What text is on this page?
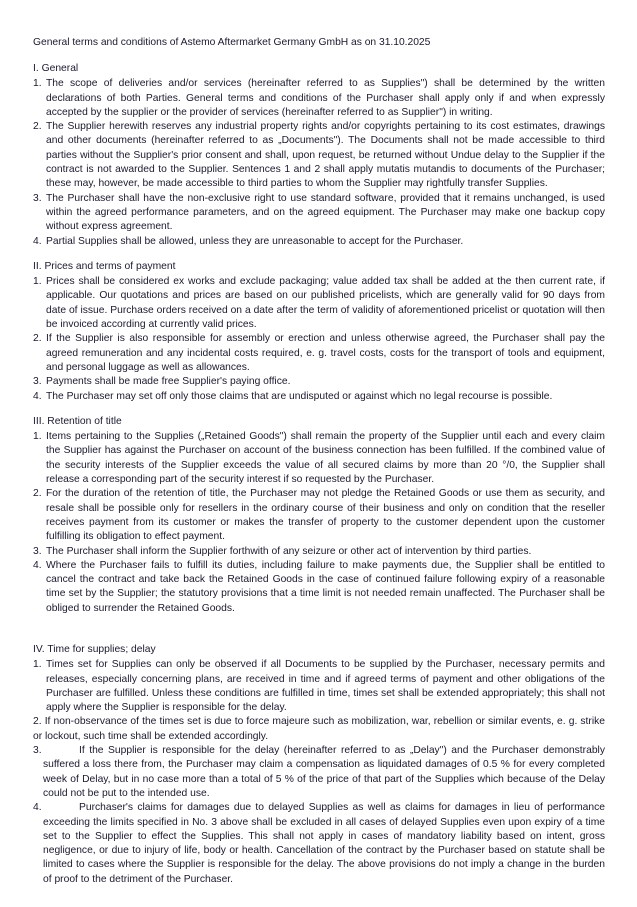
General terms and conditions of Astemo Aftermarket Germany GmbH as on 31.10.2025
I. General
1. The scope of deliveries and/or services (hereinafter referred to as Supplies") shall be determined by the written declarations of both Parties. General terms and conditions of the Purchaser shall apply only if and when expressly accepted by the supplier or the provider of services (hereinafter referred to as Supplier") in writing.
2. The Supplier herewith reserves any industrial property rights and/or copyrights pertaining to its cost estimates, drawings and other documents (hereinafter referred to as „Documents"). The Documents shall not be made accessible to third parties without the Supplier's prior consent and shall, upon request, be returned without Undue delay to the Supplier if the contract is not awarded to the Supplier. Sentences 1 and 2 shall apply mutatis mutandis to documents of the Purchaser; these may, however, be made accessible to third parties to whom the Supplier may rightfully transfer Supplies.
3. The Purchaser shall have the non-exclusive right to use standard software, provided that it remains unchanged, is used within the agreed performance parameters, and on the agreed equipment. The Purchaser may make one backup copy without express agreement.
4. Partial Supplies shall be allowed, unless they are unreasonable to accept for the Purchaser.
II. Prices and terms of payment
1. Prices shall be considered ex works and exclude packaging; value added tax shall be added at the then current rate, if applicable. Our quotations and prices are based on our published pricelists, which are generally valid for 90 days from date of issue. Purchase orders received on a date after the term of validity of aforementioned pricelist or quotation will then be invoiced according at currently valid prices.
2. If the Supplier is also responsible for assembly or erection and unless otherwise agreed, the Purchaser shall pay the agreed remuneration and any incidental costs required, e. g. travel costs, costs for the transport of tools and equipment, and personal luggage as well as allowances.
3. Payments shall be made free Supplier's paying office.
4. The Purchaser may set off only those claims that are undisputed or against which no legal recourse is possible.
III. Retention of title
1. Items pertaining to the Supplies („Retained Goods") shall remain the property of the Supplier until each and every claim the Supplier has against the Purchaser on account of the business connection has been fulfilled. If the combined value of the security interests of the Supplier exceeds the value of all secured claims by more than 20 °/0, the Supplier shall release a corresponding part of the security interest if so requested by the Purchaser.
2. For the duration of the retention of title, the Purchaser may not pledge the Retained Goods or use them as security, and resale shall be possible only for resellers in the ordinary course of their business and only on condition that the reseller receives payment from its customer or makes the transfer of property to the customer dependent upon the customer fulfilling its obligation to effect payment.
3. The Purchaser shall inform the Supplier forthwith of any seizure or other act of intervention by third parties.
4. Where the Purchaser fails to fulfill its duties, including failure to make payments due, the Supplier shall be entitled to cancel the contract and take back the Retained Goods in the case of continued failure following expiry of a reasonable time set by the Supplier; the statutory provisions that a time limit is not needed remain unaffected. The Purchaser shall be obliged to surrender the Retained Goods.
IV. Time for supplies; delay
1. Times set for Supplies can only be observed if all Documents to be supplied by the Purchaser, necessary permits and releases, especially concerning plans, are received in time and if agreed terms of payment and other obligations of the Purchaser are fulfilled. Unless these conditions are fulfilled in time, times set shall be extended appropriately; this shall not apply where the Supplier is responsible for the delay.
2. If non-observance of the times set is due to force majeure such as mobilization, war, rebellion or similar events, e. g. strike or lockout, such time shall be extended accordingly.
3.	If the Supplier is responsible for the delay (hereinafter referred to as „Delay") and the Purchaser demonstrably suffered a loss there from, the Purchaser may claim a compensation as liquidated damages of 0.5 % for every completed week of Delay, but in no case more than a total of 5 % of the price of that part of the Supplies which because of the Delay could not be put to the intended use.
4.	Purchaser's claims for damages due to delayed Supplies as well as claims for damages in lieu of performance exceeding the limits specified in No. 3 above shall be excluded in all cases of delayed Supplies even upon expiry of a time set to the Supplier to effect the Supplies. This shall not apply in cases of mandatory liability based on intent, gross negligence, or due to injury of life, body or health. Cancellation of the contract by the Purchaser based on statute shall be limited to cases where the Supplier is responsible for the delay. The above provisions do not imply a change in the burden of proof to the detriment of the Purchaser.
